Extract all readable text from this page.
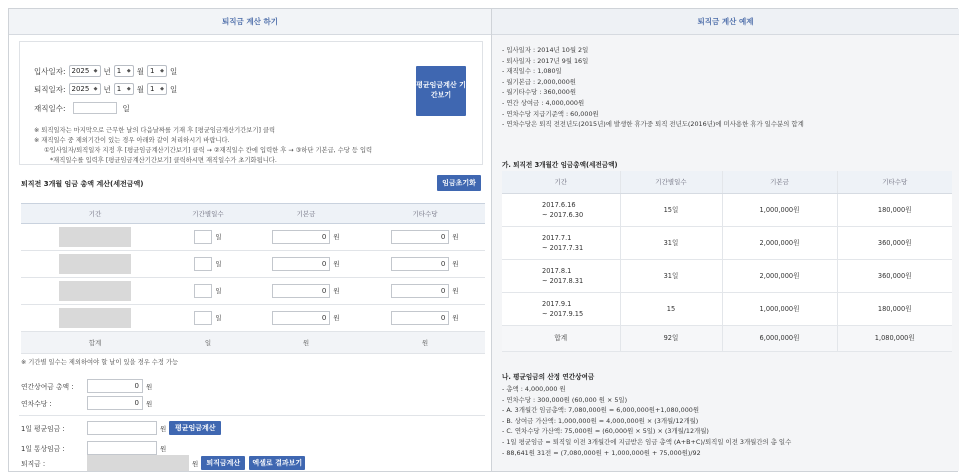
퇴직금 계산 하기
입사일자: 2025 ◆ 년 1 ◆ 월 1 ◆ 일
퇴직일자: 2025 ◆ 년 1 ◆ 월 1 ◆ 일
재직일수:	일
평균임금계산 기간보기
※ 퇴직일자는 마지막으로 근무한 날의 다음날짜를 기재 후 [평균임금계산기간보기] 클릭
※ 재직일수 중 제외기간이 있는 경우 아래와 같이 처리하시기 바랍니다.
①입사일자/퇴직일자 지정 후 [평균임금계산기간보기] 클릭 → ②재직일수 칸에 입력한 후 → ③하단 기본급, 수당 등 입력
*재직일수를 입력후 [평균임금계산기간보기] 클릭하시면 재직일수가 초기화됩니다.
퇴직전 3개월 임금 총액 계산(세전금액)	임금초기화
기간	기간별일수	기본금	기타수당
	일	0 원	0 원
	일	0 원	0 원
	일	0 원	0 원
	일	0 원	0 원
합계	일	원	원
※ 기간별 일수는 제외하여야 할 날이 있을 경우 수정 가능
연간상여금 총액 :	0	원
연차수당 :	0	원
1일 평균임금 :	원	평균임금계산
1일 통상임금 :	원
퇴직금 :	원	퇴직금계산	엑셀로 결과보기
퇴직금 계산 예제
- 입사일자 : 2014년 10월 2일
- 퇴사일자 : 2017년 9월 16일
- 재직일수 : 1,080일
- 월기본급 : 2,000,000원
- 월기타수당 : 360,000원
- 연간 상여금 : 4,000,000원
- 연차수당 지급기준액 : 60,000원
- 연차수당은 퇴직 전전년도(2015년)에 발생한 휴가중 퇴직 전년도(2016년)에 미사용한 휴가 일수분의 합계
가. 퇴직전 3개월간 임금총액(세전금액)
기간	기간별일수	기본금	기타수당

2017.6.16
~ 2017.6.30	15일	1,000,000원	180,000원

2017.7.1
~ 2017.7.31	31일	2,000,000원	360,000원

2017.8.1
~ 2017.8.31	31일	2,000,000원	360,000원

2017.9.1
~ 2017.9.15	15	1,000,000원	180,000원
합계	92일	6,000,000원	1,080,000원
나. 평균임금의 산정 연간상여금
- 총액 : 4,000,000 원
- 연차수당 : 300,000원 (60,000 원 × 5일)
- A. 3개월간 임금총액: 7,080,000원 = 6,000,000원+1,080,000원
- B. 상여금 가산액: 1,000,000원 = 4,000,000원 × (3개월/12개월)
- C. 연차수당 가산액: 75,000원 = (60,000원 × 5일) × (3개월/12개월)
- 1일 평균임금 = 퇴직일 이전 3개월간에 지급받은 임금 총액 (A+B+C)/퇴직일 이전 3개월간의 총 일수
- 88,641원 31전 = (7,080,000원 + 1,000,000원 + 75,000원)/92
